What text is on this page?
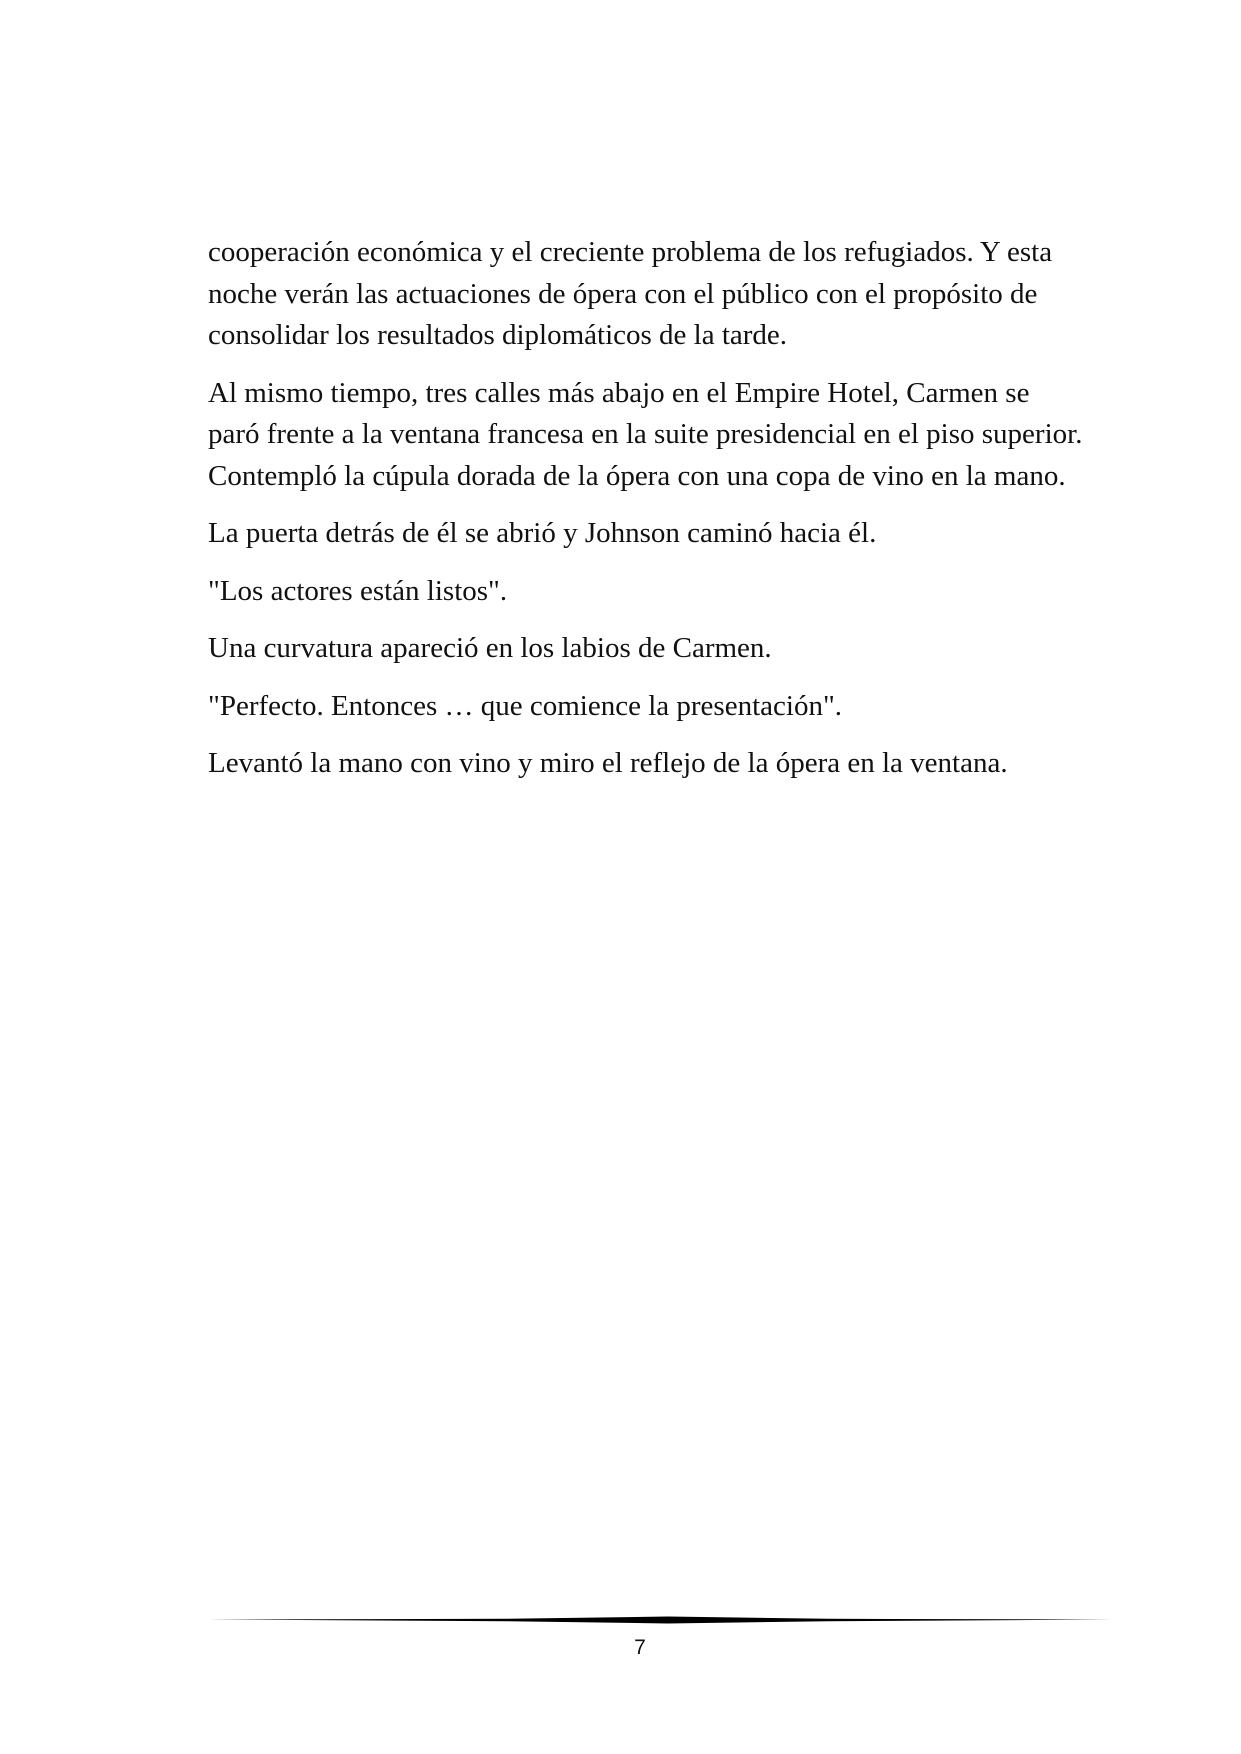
cooperación económica y el creciente problema de los refugiados. Y esta noche verán las actuaciones de ópera con el público con el propósito de consolidar los resultados diplomáticos de la tarde.

Al mismo tiempo, tres calles más abajo en el Empire Hotel, Carmen se paró frente a la ventana francesa en la suite presidencial en el piso superior. Contempló la cúpula dorada de la ópera con una copa de vino en la mano.

La puerta detrás de él se abrió y Johnson caminó hacia él.

"Los actores están listos".

Una curvatura apareció en los labios de Carmen.

"Perfecto. Entonces … que comience la presentación".

Levantó la mano con vino y miro el reflejo de la ópera en la ventana.

7
